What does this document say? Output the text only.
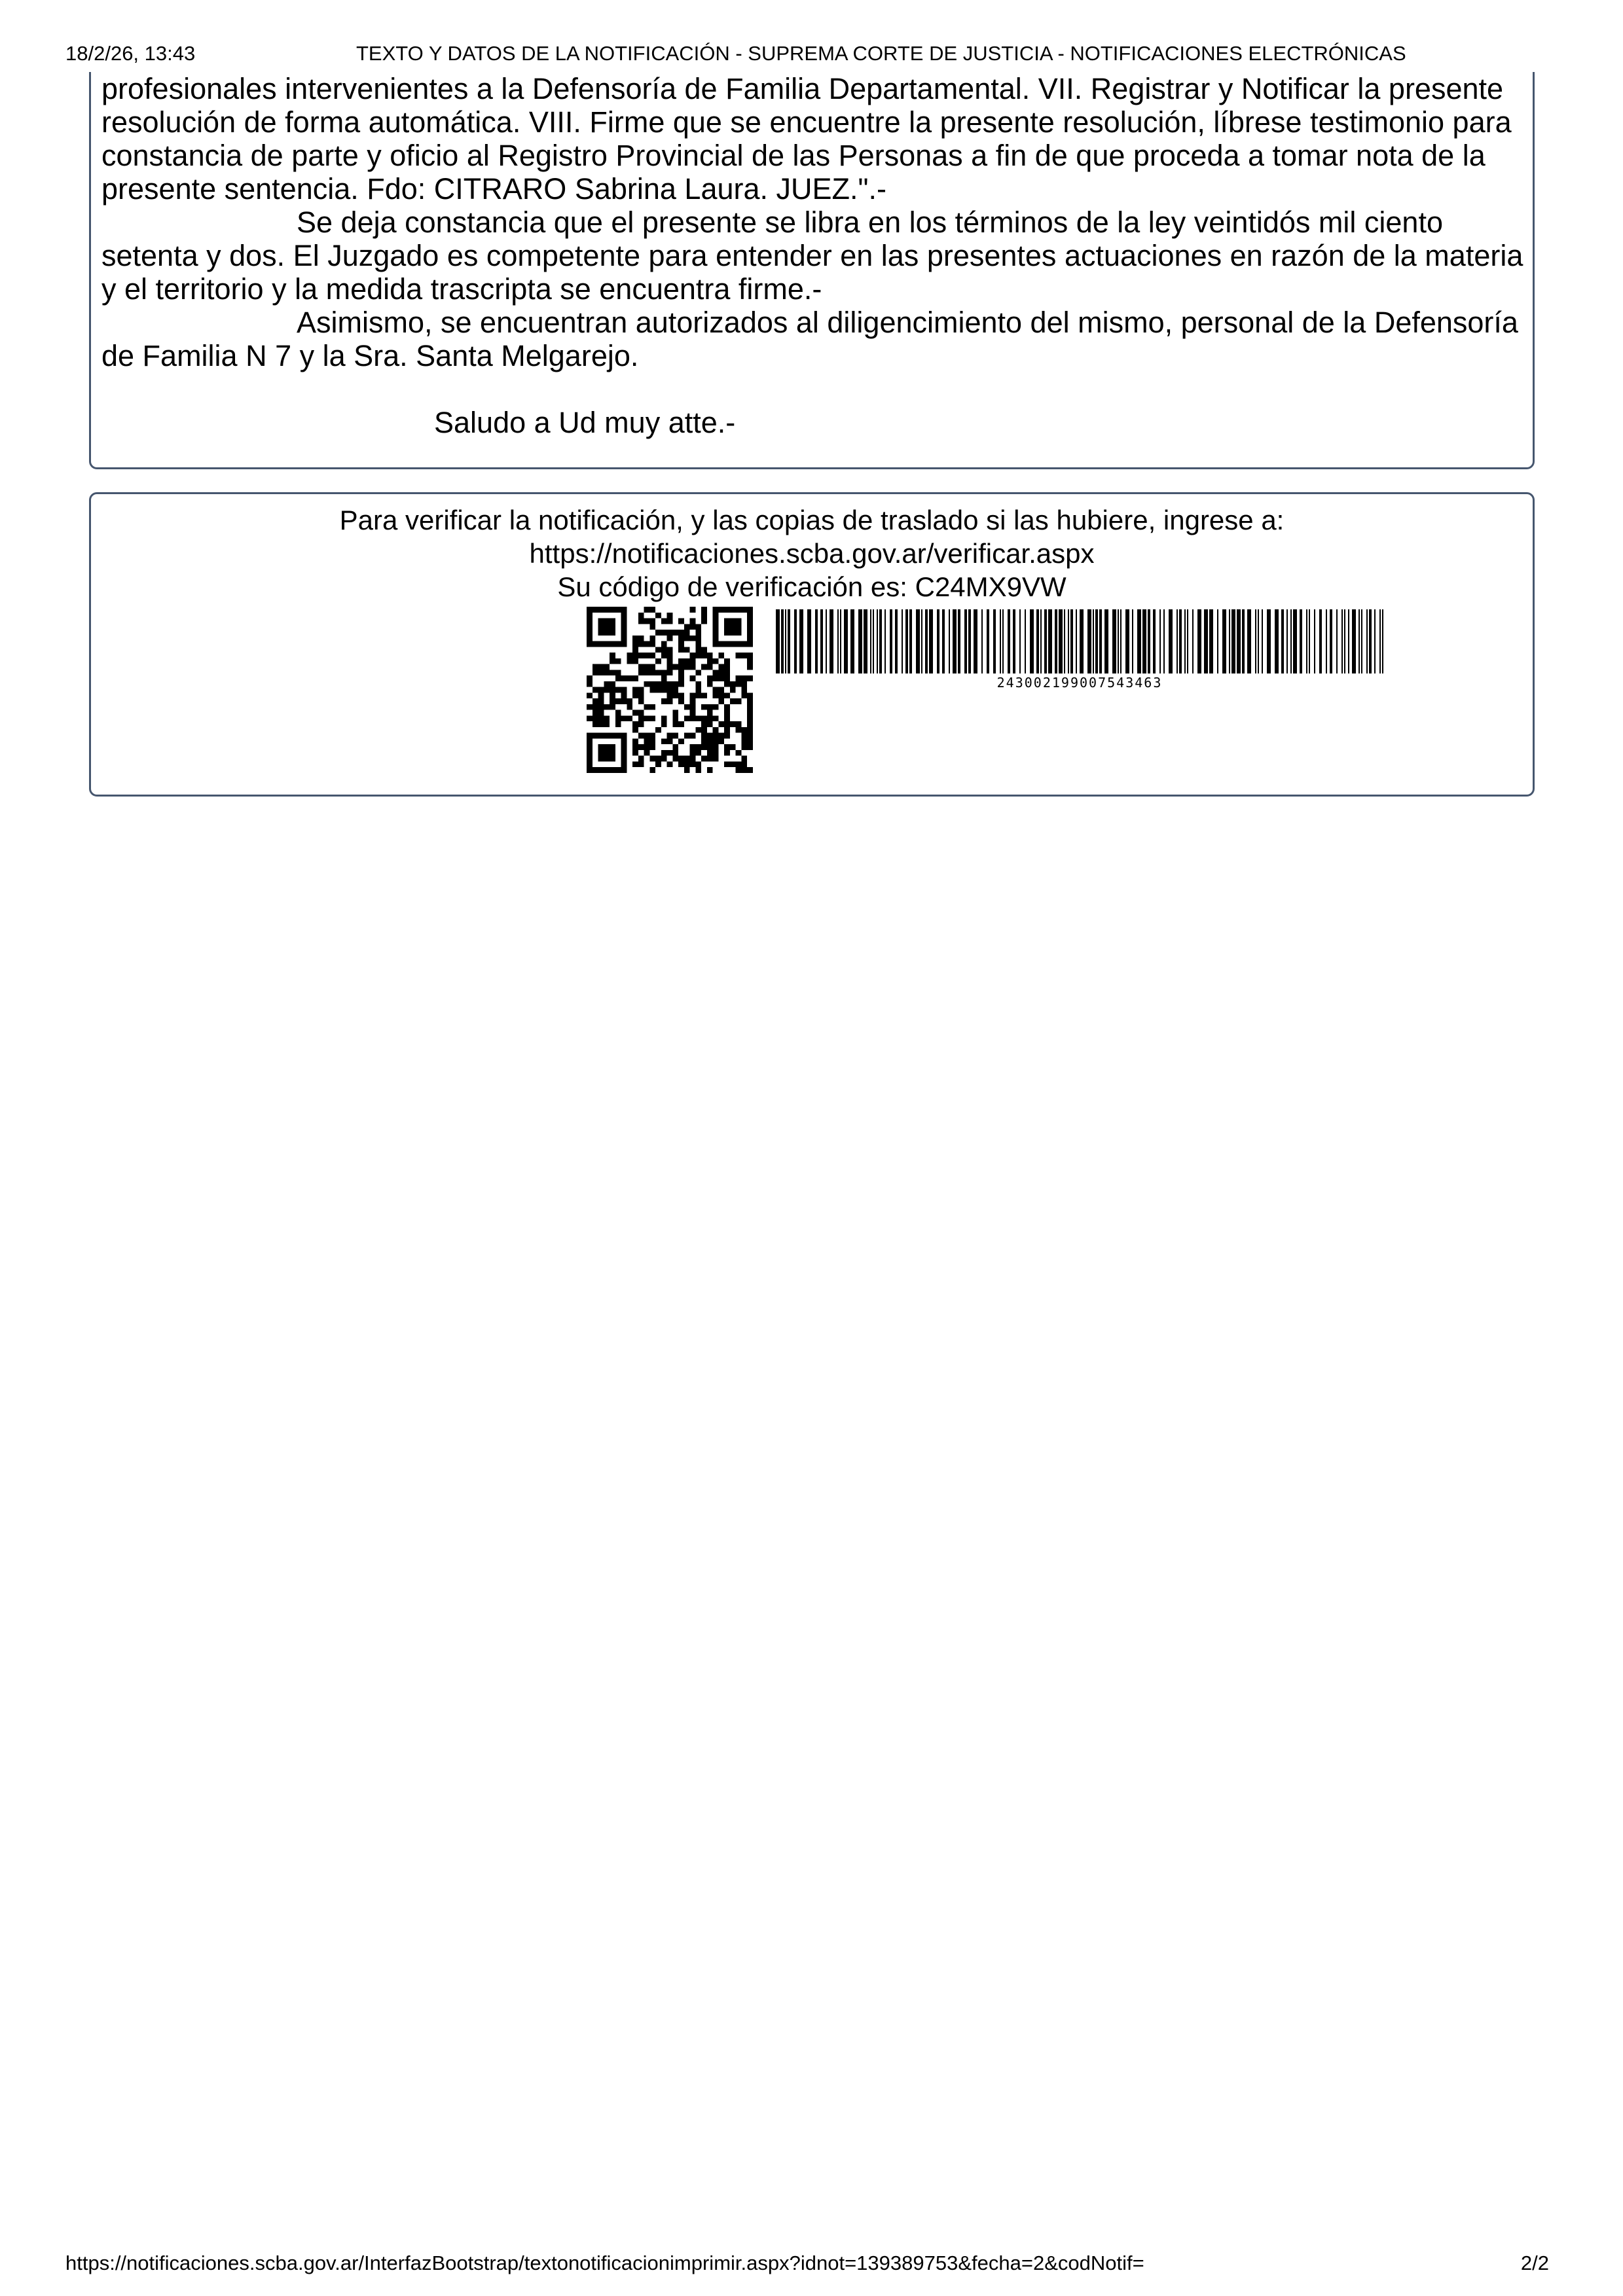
18/2/26, 13:43	TEXTO Y DATOS DE LA NOTIFICACIÓN - SUPREMA CORTE DE JUSTICIA - NOTIFICACIONES ELECTRÓNICAS

profesionales intervenientes a la Defensoría de Familia Departamental. VII. Registrar y Notificar la presente resolución de forma automática. VIII. Firme que se encuentre la presente resolución, líbrese testimonio para constancia de parte y oficio al Registro Provincial de las Personas a fin de que proceda a tomar nota de la presente sentencia. Fdo: CITRARO Sabrina Laura. JUEZ.".-

Se deja constancia que el presente se libra en los términos de la ley veintidós mil ciento setenta y dos. El Juzgado es competente para entender en las presentes actuaciones en razón de la materia y el territorio y la medida trascripta se encuentra firme.-

Asimismo, se encuentran autorizados al diligencimiento del mismo, personal de la Defensoría de Familia N 7 y la Sra. Santa Melgarejo.

Saludo a Ud muy atte.-

Para verificar la notificación, y las copias de traslado si las hubiere, ingrese a:
https://notificaciones.scba.gov.ar/verificar.aspx
Su código de verificación es: C24MX9VW
243002199007543463
https://notificaciones.scba.gov.ar/InterfazBootstrap/textonotificacionimprimir.aspx?idnot=139389753&fecha=2&codNotif=	2/2
